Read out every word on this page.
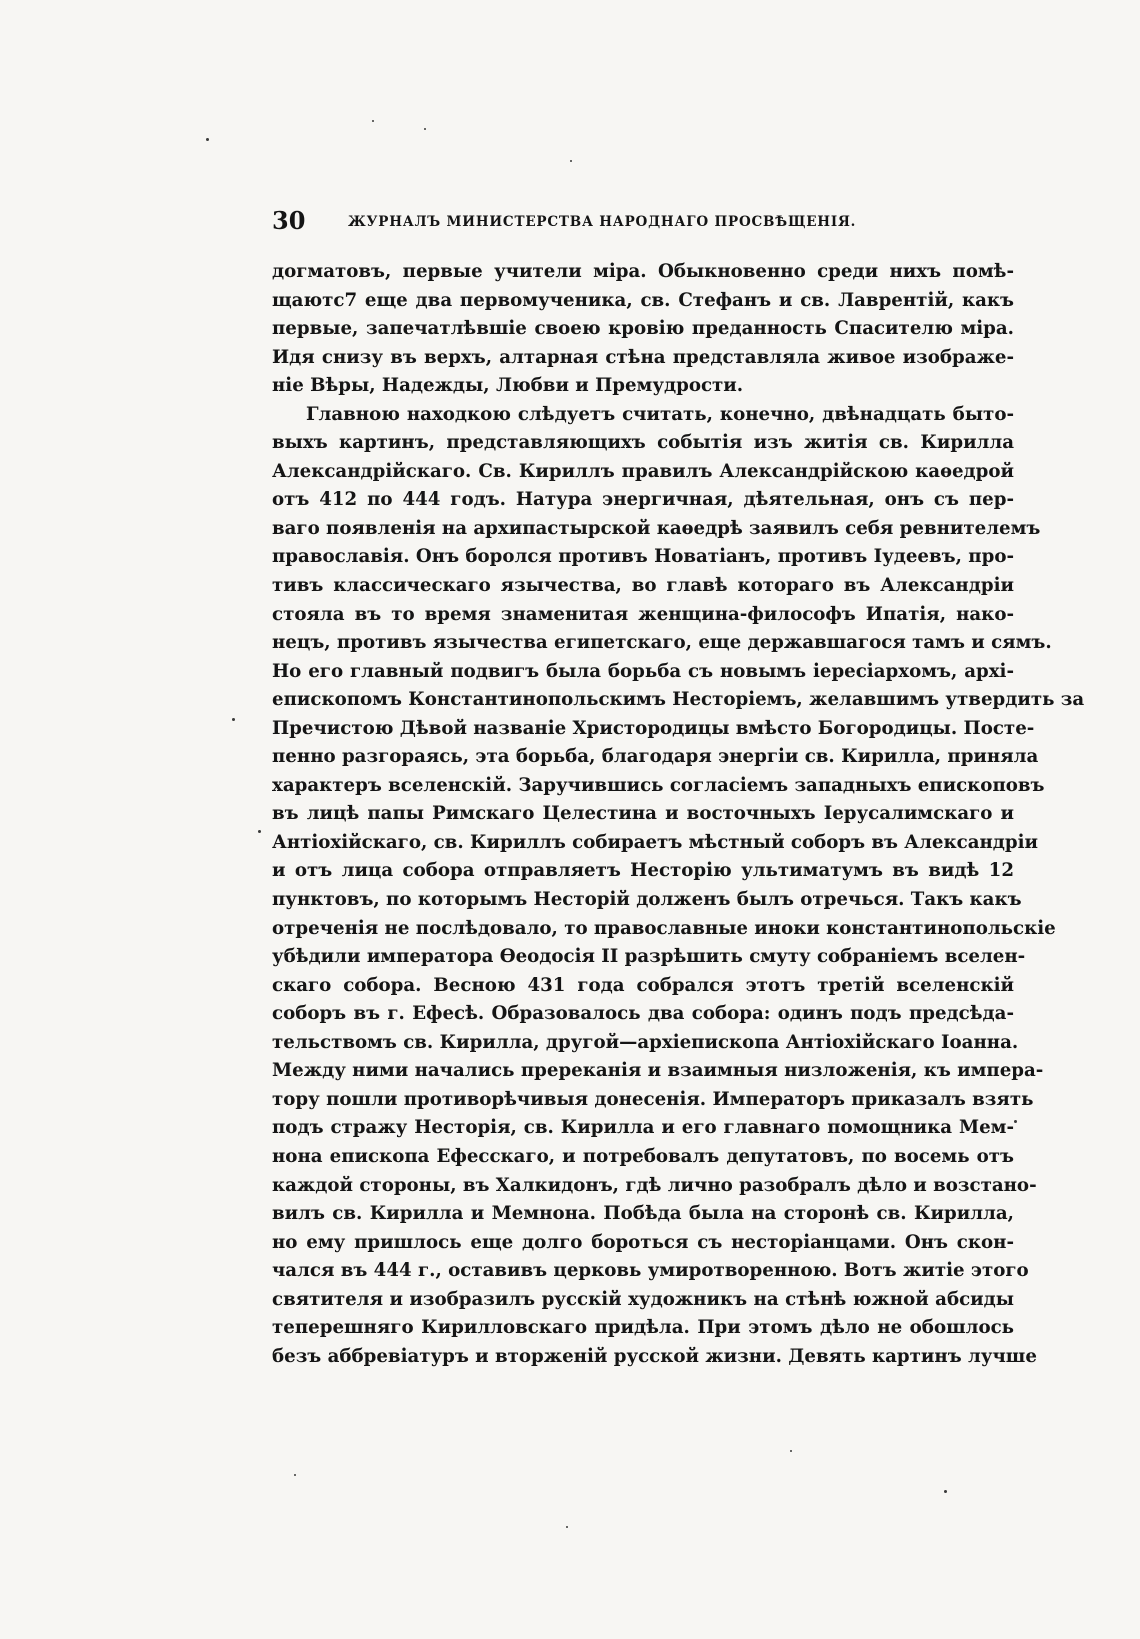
30	ЖУРНАЛЪ МИНИСТЕРСТВА НАРОДНАГО ПРОСВѢЩЕНІЯ.
догматовъ, первые учители міра. Обыкновенно среди нихъ помѣ-
щаютс7 еще два первомученика, св. Стефанъ и св. Лаврентій, какъ
первые, запечатлѣвшіе своею кровію преданность Спасителю міра.
Идя снизу въ верхъ, алтарная стѣна представляла живое изображе-
ніе Вѣры, Надежды, Любви и Премудрости.
Главною находкою слѣдуетъ считать, конечно, двѣнадцать быто-
выхъ картинъ, представляющихъ событія изъ житія св. Кирилла
Александрійскаго. Св. Кириллъ правилъ Александрійскою каѳедрой
отъ 412 по 444 годъ. Натура энергичная, дѣятельная, онъ съ пер-
ваго появленія на архипастырской каѳедрѣ заявилъ себя ревнителемъ
православія. Онъ боролся противъ Новатіанъ, противъ Іудеевъ, про-
тивъ классическаго язычества, во главѣ котораго въ Александріи
стояла въ то время знаменитая женщина-философъ Ипатія, нако-
нецъ, противъ язычества египетскаго, еще державшагося тамъ и сямъ.
Но его главный подвигъ была борьба съ новымъ іересіархомъ, архі-
епископомъ Константинопольскимъ Несторіемъ, желавшимъ утвердить за
Пречистою Дѣвой названіе Христородицы вмѣсто Богородицы. Посте-
пенно разгораясь, эта борьба, благодаря энергіи св. Кирилла, приняла
характеръ вселенскій. Заручившись согласіемъ западныхъ епископовъ
въ лицѣ папы Римскаго Целестина и восточныхъ Іерусалимскаго и
Антіохійскаго, св. Кириллъ собираетъ мѣстный соборъ въ Александріи
и отъ лица собора отправляетъ Несторію ультиматумъ въ видѣ 12
пунктовъ, по которымъ Несторій долженъ былъ отречься. Такъ какъ
отреченія не послѣдовало, то православные иноки константинопольскіе
убѣдили императора Ѳеодосія II разрѣшить смуту собраніемъ вселен-
скаго собора. Весною 431 года собрался этотъ третій вселенскій
соборъ въ г. Ефесѣ. Образовалось два собора: одинъ подъ предсѣда-
тельствомъ св. Кирилла, другой—архіепископа Антіохійскаго Іоанна.
Между ними начались пререканія и взаимныя низложенія, къ импера-
тору пошли противорѣчивыя донесенія. Императоръ приказалъ взять
подъ стражу Несторія, св. Кирилла и его главнаго помощника Мем-
нона епископа Ефесскаго, и потребовалъ депутатовъ, по восемь отъ
каждой стороны, въ Халкидонъ, гдѣ лично разобралъ дѣло и возстано-
вилъ св. Кирилла и Мемнона. Побѣда была на сторонѣ св. Кирилла,
но ему пришлось еще долго бороться съ несторіанцами. Онъ скон-
чался въ 444 г., оставивъ церковь умиротворенною. Вотъ житіе этого
святителя и изобразилъ русскій художникъ на стѣнѣ южной абсиды
теперешняго Кирилловскаго придѣла. При этомъ дѣло не обошлось
безъ аббревіатуръ и вторженій русской жизни. Девять картинъ лучше
